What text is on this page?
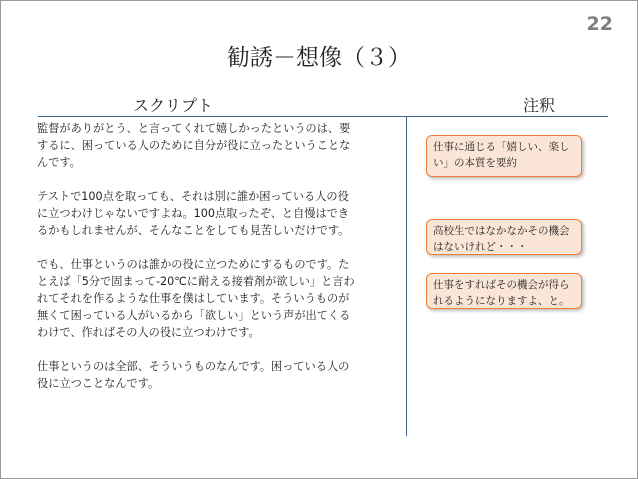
22
勧誘－想像（３）
スクリプト	注釈

監督がありがとう、と言ってくれて嬉しかったというのは、要
するに、困っている人のために自分が役に立ったということな
んです。

テストで100点を取っても、それは別に誰か困っている人の役
に立つわけじゃないですよね。100点取ったぞ、と自慢はでき
るかもしれませんが、そんなことをしても見苦しいだけです。

でも、仕事というのは誰かの役に立つためにするものです。た
とえば「5分で固まって-20℃に耐える接着剤が欲しい」と言わ
れてそれを作るような仕事を僕はしています。そういうものが
無くて困っている人がいるから「欲しい」という声が出てくる
わけで、作ればその人の役に立つわけです。

仕事というのは全部、そういうものなんです。困っている人の
役に立つことなんです。

仕事に通じる「嬉しい、楽し
い」の本質を要約
高校生ではなかなかその機会
はないけれど・・・
仕事をすればその機会が得ら
れるようになりますよ、と。
